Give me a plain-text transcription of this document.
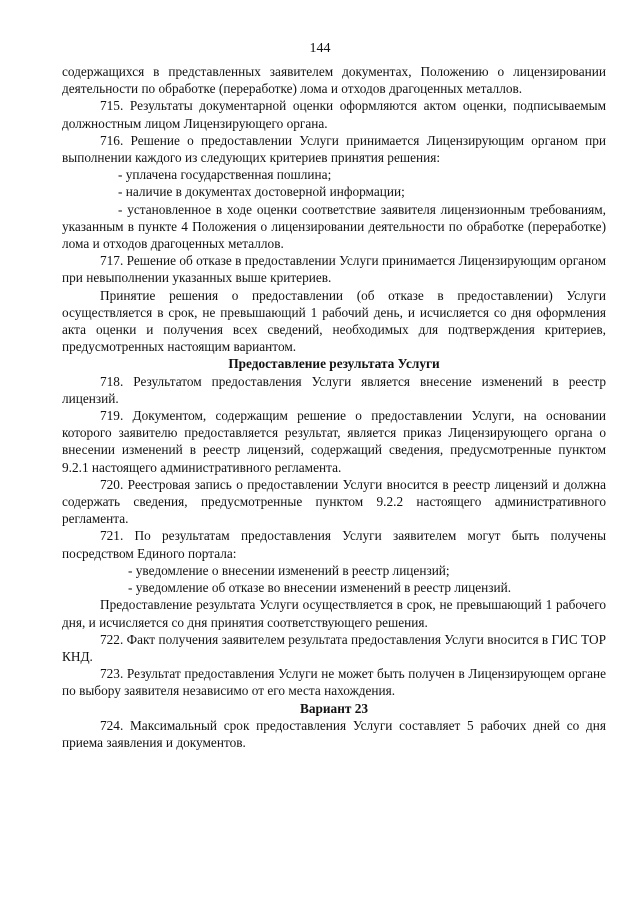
144

содержащихся в представленных заявителем документах, Положению о лицензировании деятельности по обработке (переработке) лома и отходов драгоценных металлов.

715. Результаты документарной оценки оформляются актом оценки, подписываемым должностным лицом Лицензирующего органа.

716. Решение о предоставлении Услуги принимается Лицензирующим органом при выполнении каждого из следующих критериев принятия решения:

- уплачена государственная пошлина;

- наличие в документах достоверной информации;

- установленное в ходе оценки соответствие заявителя лицензионным требованиям, указанным в пункте 4 Положения о лицензировании деятельности по обработке (переработке) лома и отходов драгоценных металлов.

717. Решение об отказе в предоставлении Услуги принимается Лицензирующим органом при невыполнении указанных выше критериев.

Принятие решения о предоставлении (об отказе в предоставлении) Услуги осуществляется в срок, не превышающий 1 рабочий день, и исчисляется со дня оформления акта оценки и получения всех сведений, необходимых для подтверждения критериев, предусмотренных настоящим вариантом.

Предоставление результата Услуги

718. Результатом предоставления Услуги является внесение изменений в реестр лицензий.

719. Документом, содержащим решение о предоставлении Услуги, на основании которого заявителю предоставляется результат, является приказ Лицензирующего органа о внесении изменений в реестр лицензий, содержащий сведения, предусмотренные пунктом 9.2.1 настоящего административного регламента.

720. Реестровая запись о предоставлении Услуги вносится в реестр лицензий и должна содержать сведения, предусмотренные пунктом 9.2.2 настоящего административного регламента.

721. По результатам предоставления Услуги заявителем могут быть получены посредством Единого портала:

- уведомление о внесении изменений в реестр лицензий;

- уведомление об отказе во внесении изменений в реестр лицензий.

Предоставление результата Услуги осуществляется в срок, не превышающий 1 рабочего дня, и исчисляется со дня принятия соответствующего решения.

722. Факт получения заявителем результата предоставления Услуги вносится в ГИС ТОР КНД.

723. Результат предоставления Услуги не может быть получен в Лицензирующем органе по выбору заявителя независимо от его места нахождения.

Вариант 23

724. Максимальный срок предоставления Услуги составляет 5 рабочих дней со дня приема заявления и документов.
